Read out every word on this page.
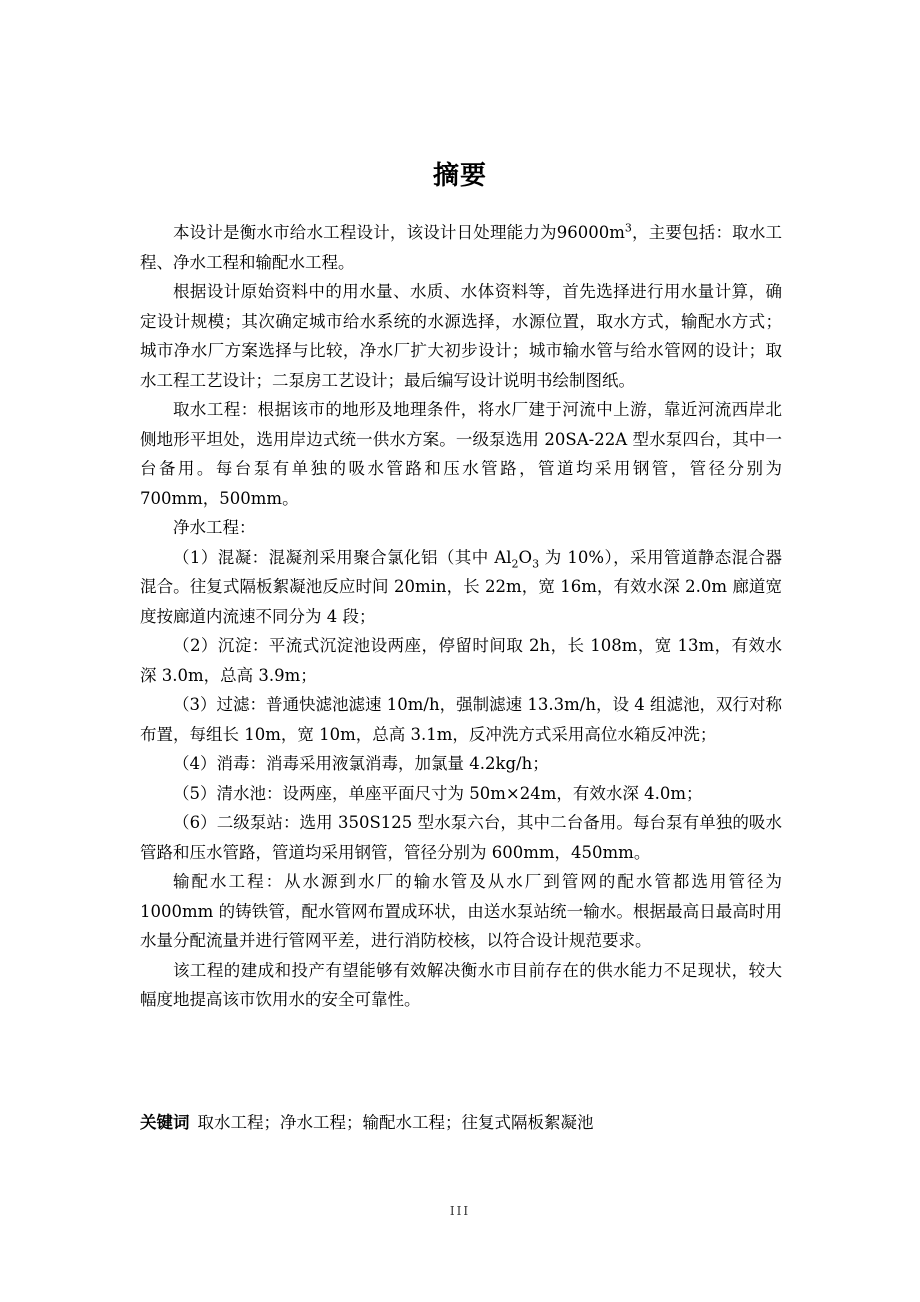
摘要

本设计是衡水市给水工程设计，该设计日处理能力为$96000m^3$，主要包括：取水工程、净水工程和输配水工程。

根据设计原始资料中的用水量、水质、水体资料等，首先选择进行用水量计算，确定设计规模；其次确定城市给水系统的水源选择，水源位置，取水方式，输配水方式；城市净水厂方案选择与比较，净水厂扩大初步设计；城市输水管与给水管网的设计；取水工程工艺设计；二泵房工艺设计；最后编写设计说明书绘制图纸。

取水工程：根据该市的地形及地理条件，将水厂建于河流中上游，靠近河流西岸北侧地形平坦处，选用岸边式统一供水方案。一级泵选用 20SA-22A 型水泵四台，其中一台备用。每台泵有单独的吸水管路和压水管路，管道均采用钢管，管径分别为 700mm，500mm。

净水工程：

（1）混凝：混凝剂采用聚合氯化铝（其中 $Al_2O_3$ 为 10%），采用管道静态混合器混合。往复式隔板絮凝池反应时间 20min，长 22m，宽 16m，有效水深 2.0m 廊道宽度按廊道内流速不同分为 4 段；

（2）沉淀：平流式沉淀池设两座，停留时间取 2h，长 108m，宽 13m，有效水深 3.0m，总高 3.9m；

（3）过滤：普通快滤池滤速 10m/h，强制滤速 13.3m/h，设 4 组滤池，双行对称布置，每组长 10m，宽 10m，总高 3.1m，反冲洗方式采用高位水箱反冲洗；

（4）消毒：消毒采用液氯消毒，加氯量 4.2kg/h；

（5）清水池：设两座，单座平面尺寸为 50m×24m，有效水深 4.0m；

（6）二级泵站：选用 350S125 型水泵六台，其中二台备用。每台泵有单独的吸水管路和压水管路，管道均采用钢管，管径分别为 600mm，450mm。

输配水工程：从水源到水厂的输水管及从水厂到管网的配水管都选用管径为 1000mm 的铸铁管，配水管网布置成环状，由送水泵站统一输水。根据最高日最高时用水量分配流量并进行管网平差，进行消防校核，以符合设计规范要求。

该工程的建成和投产有望能够有效解决衡水市目前存在的供水能力不足现状，较大幅度地提高该市饮用水的安全可靠性。

关键词 取水工程；净水工程；输配水工程；往复式隔板絮凝池
III
